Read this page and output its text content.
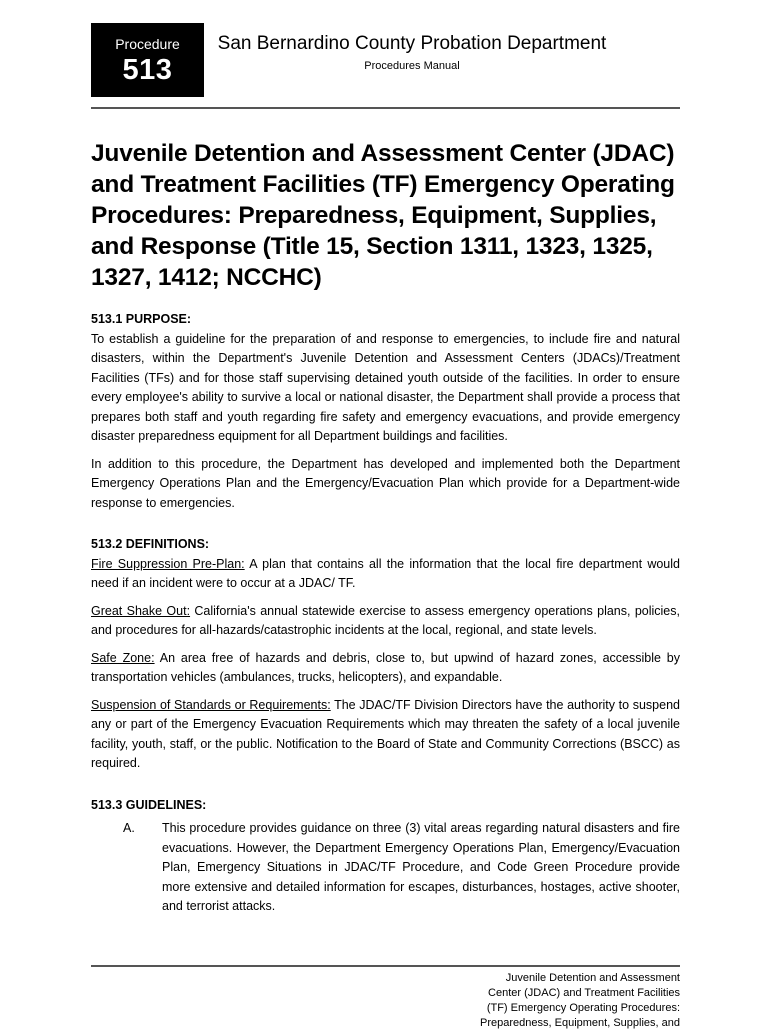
Procedure
513
San Bernardino County Probation Department
Procedures Manual
Juvenile Detention and Assessment Center (JDAC) and Treatment Facilities (TF) Emergency Operating Procedures: Preparedness, Equipment, Supplies, and Response (Title 15, Section 1311, 1323, 1325, 1327, 1412; NCCHC)
513.1 PURPOSE:

To establish a guideline for the preparation of and response to emergencies, to include fire and natural disasters, within the Department's Juvenile Detention and Assessment Centers (JDACs)/Treatment Facilities (TFs) and for those staff supervising detained youth outside of the facilities. In order to ensure every employee's ability to survive a local or national disaster, the Department shall provide a process that prepares both staff and youth regarding fire safety and emergency evacuations, and provide emergency disaster preparedness equipment for all Department buildings and facilities.

In addition to this procedure, the Department has developed and implemented both the Department Emergency Operations Plan and the Emergency/Evacuation Plan which provide for a Department-wide response to emergencies.

513.2 DEFINITIONS:

Fire Suppression Pre-Plan: A plan that contains all the information that the local fire department would need if an incident were to occur at a JDAC/ TF.

Great Shake Out: California's annual statewide exercise to assess emergency operations plans, policies, and procedures for all-hazards/catastrophic incidents at the local, regional, and state levels.

Safe Zone: An area free of hazards and debris, close to, but upwind of hazard zones, accessible by transportation vehicles (ambulances, trucks, helicopters), and expandable.

Suspension of Standards or Requirements: The JDAC/TF Division Directors have the authority to suspend any or part of the Emergency Evacuation Requirements which may threaten the safety of a local juvenile facility, youth, staff, or the public. Notification to the Board of State and Community Corrections (BSCC) as required.

513.3 GUIDELINES:
A.	This procedure provides guidance on three (3) vital areas regarding natural disasters and fire evacuations. However, the Department Emergency Operations Plan, Emergency/Evacuation Plan, Emergency Situations in JDAC/TF Procedure, and Code Green Procedure provide more extensive and detailed information for escapes, disturbances, hostages, active shooter, and terrorist attacks.
Juvenile Detention and Assessment
Center (JDAC) and Treatment Facilities
(TF) Emergency Operating Procedures:
Preparedness, Equipment, Supplies, and
